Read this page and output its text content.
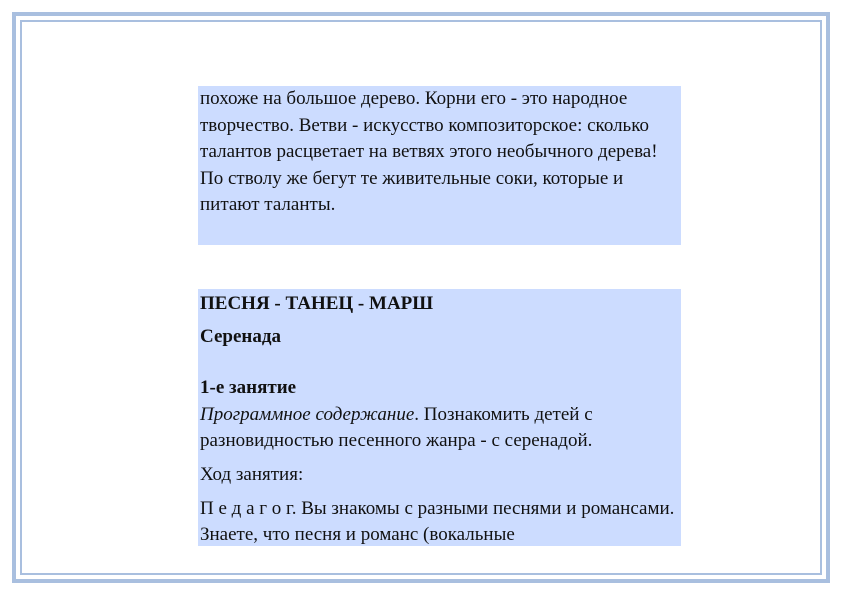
похоже на большое дерево. Корни его - это народное творчество. Ветви - искусство композиторское: сколько талантов расцветает на ветвях этого необычного дерева! По стволу же бегут те живительные соки, которые и питают таланты.

ПЕСНЯ - ТАНЕЦ - МАРШ

Серенада

1-е занятие

Программное содержание. Познакомить детей с разновидностью песенного жанра - с серенадой.

Ход занятия:

П е д а г о г. Вы знакомы с разными песнями и романсами. Знаете, что песня и романс (вокальные
